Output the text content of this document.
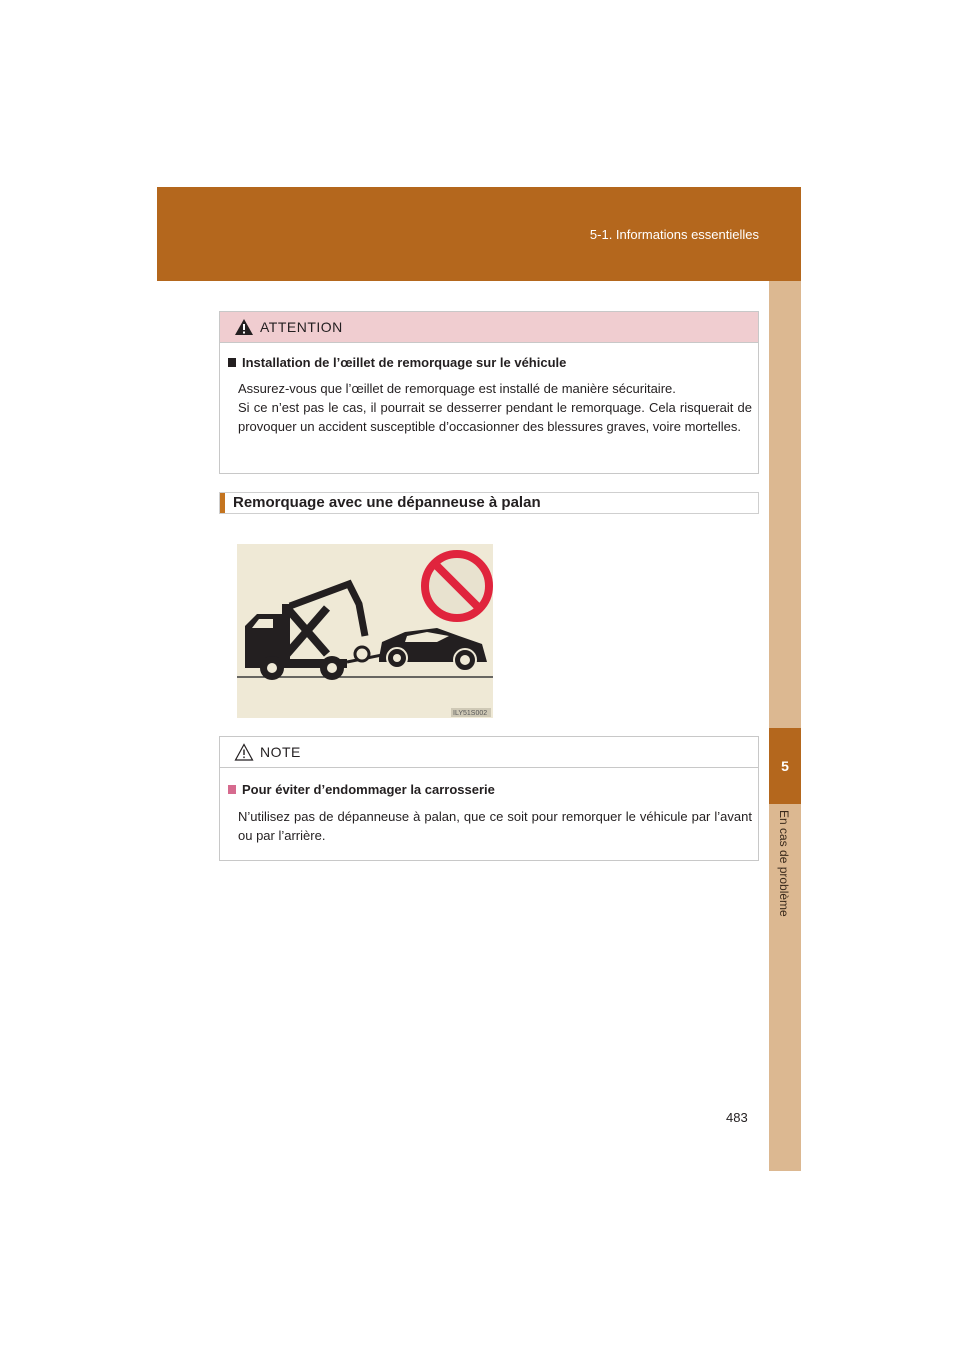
5-1. Informations essentielles
5
En cas de problème
ATTENTION
Installation de l’œillet de remorquage sur le véhicule
Assurez-vous que l’œillet de remorquage est installé de manière sécuritaire.
Si ce n’est pas le cas, il pourrait se desserrer pendant le remorquage. Cela risquerait de provoquer un accident susceptible d’occasionner des blessures graves, voire mortelles.
Remorquage avec une dépanneuse à palan
ILY51S002
NOTE
Pour éviter d’endommager la carrosserie
N’utilisez pas de dépanneuse à palan, que ce soit pour remorquer le véhicule par l’avant ou par l’arrière.
483
